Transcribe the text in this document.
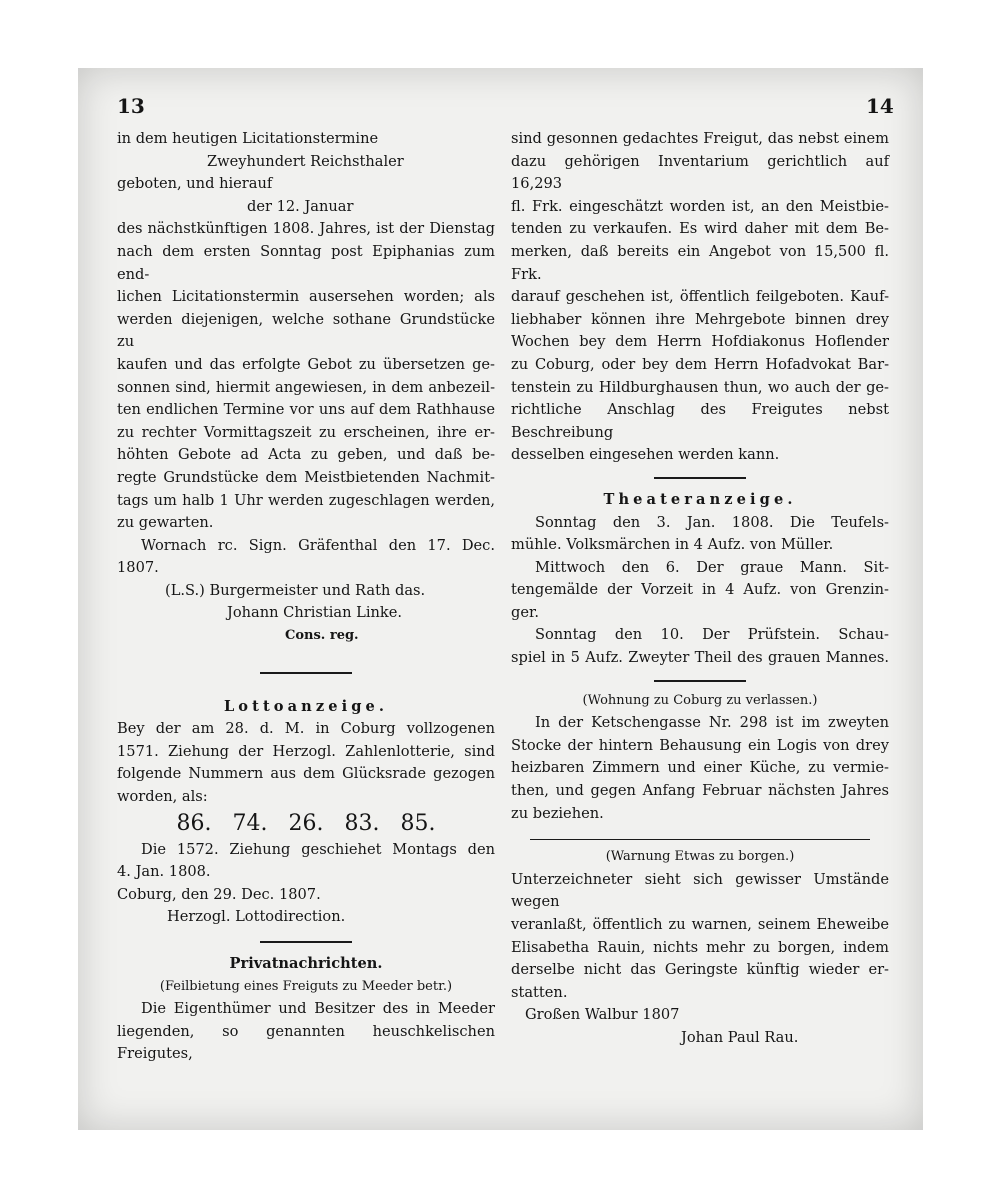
13	14

in dem heutigen Licitationstermine

Zweyhundert Reichsthaler

geboten, und hierauf

der 12. Januar

des nächstkünftigen 1808. Jahres, ist der Dienstag

nach dem ersten Sonntag post Epiphanias zum end-

lichen Licitationstermin ausersehen worden; als

werden diejenigen, welche sothane Grundstücke zu

kaufen und das erfolgte Gebot zu übersetzen ge-

sonnen sind, hiermit angewiesen, in dem anbezeil-

ten endlichen Termine vor uns auf dem Rathhause

zu rechter Vormittagszeit zu erscheinen, ihre er-

höhten Gebote ad Acta zu geben, und daß be-

regte Grundstücke dem Meistbietenden Nachmit-

tags um halb 1 Uhr werden zugeschlagen werden,

zu gewarten.

Wornach rc. Sign. Gräfenthal den 17. Dec.

1807.

(L.S.) Burgermeister und Rath das.

Johann Christian Linke.

Cons. reg.

Lottoanzeige.

Bey der am 28. d. M. in Coburg vollzogenen

1571. Ziehung der Herzogl. Zahlenlotterie, sind

folgende Nummern aus dem Glücksrade gezogen

worden, als:

86. 74. 26. 83. 85.

Die 1572. Ziehung geschiehet Montags den

4. Jan. 1808.

Coburg, den 29. Dec. 1807.

Herzogl. Lottodirection.

Privatnachrichten.

(Feilbietung eines Freiguts zu Meeder betr.)

Die Eigenthümer und Besitzer des in Meeder

liegenden, so genannten heuschkelischen Freigutes,

sind gesonnen gedachtes Freigut, das nebst einem

dazu gehörigen Inventarium gerichtlich auf 16,293

fl. Frk. eingeschätzt worden ist, an den Meistbie-

tenden zu verkaufen. Es wird daher mit dem Be-

merken, daß bereits ein Angebot von 15,500 fl. Frk.

darauf geschehen ist, öffentlich feilgeboten. Kauf-

liebhaber können ihre Mehrgebote binnen drey

Wochen bey dem Herrn Hofdiakonus Hoflender

zu Coburg, oder bey dem Herrn Hofadvokat Bar-

tenstein zu Hildburghausen thun, wo auch der ge-

richtliche Anschlag des Freigutes nebst Beschreibung

desselben eingesehen werden kann.

Theateranzeige.

Sonntag den 3. Jan. 1808. Die Teufels-

mühle. Volksmärchen in 4 Aufz. von Müller.

Mittwoch den 6. Der graue Mann. Sit-

tengemälde der Vorzeit in 4 Aufz. von Grenzin-

ger.

Sonntag den 10. Der Prüfstein. Schau-

spiel in 5 Aufz. Zweyter Theil des grauen Mannes.

(Wohnung zu Coburg zu verlassen.)

In der Ketschengasse Nr. 298 ist im zweyten

Stocke der hintern Behausung ein Logis von drey

heizbaren Zimmern und einer Küche, zu vermie-

then, und gegen Anfang Februar nächsten Jahres

zu beziehen.

(Warnung Etwas zu borgen.)

Unterzeichneter sieht sich gewisser Umstände wegen

veranlaßt, öffentlich zu warnen, seinem Eheweibe

Elisabetha Rauin, nichts mehr zu borgen, indem

derselbe nicht das Geringste künftig wieder er-

statten.

Großen Walbur 1807

Johan Paul Rau.
